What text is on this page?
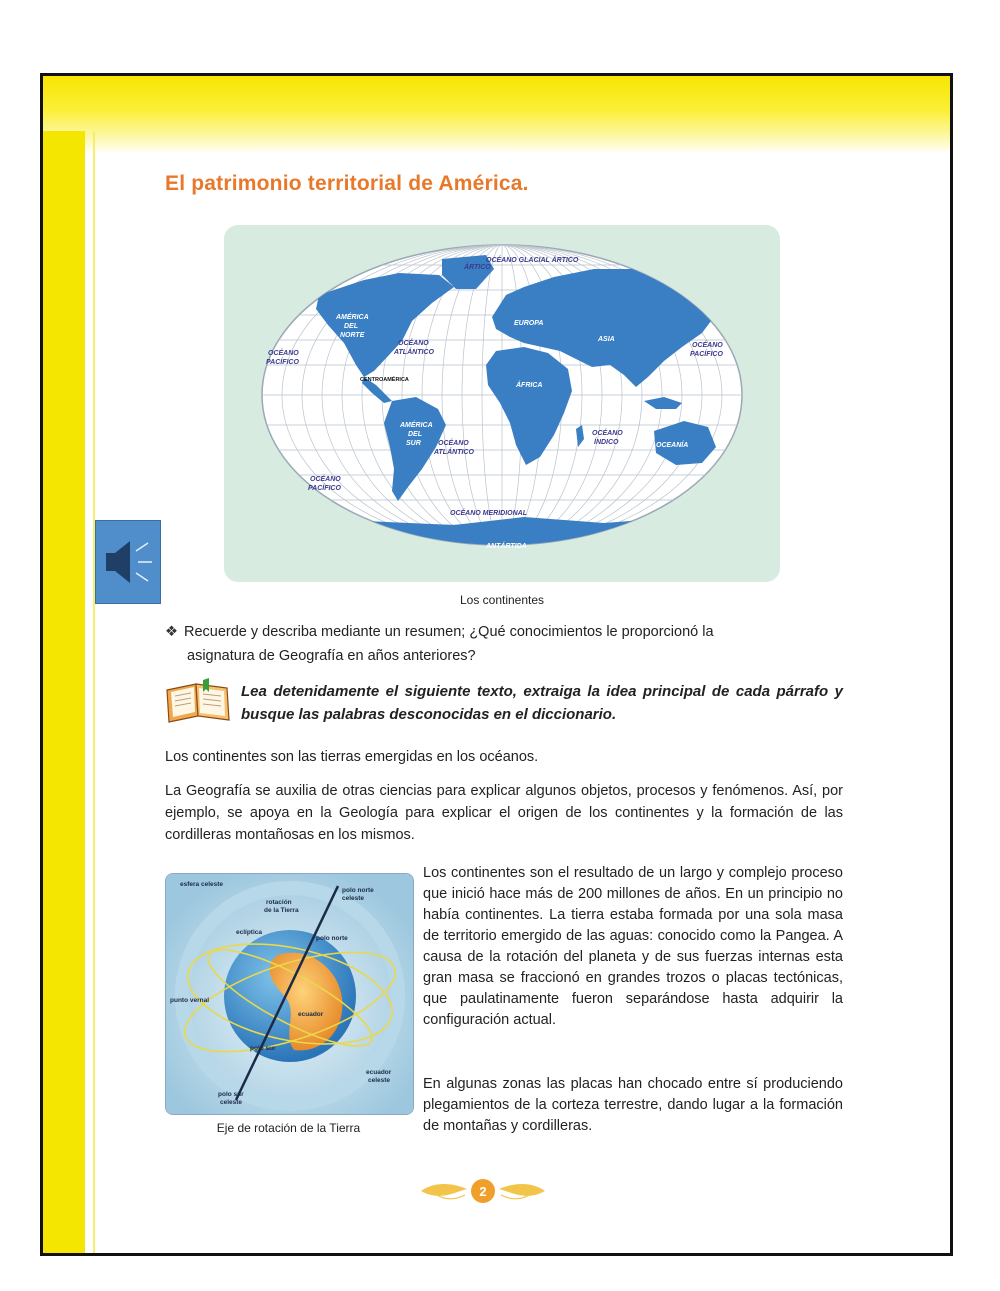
El patrimonio territorial de América.
ÁRTICO
OCÉANO GLACIAL ÁRTICO
AMÉRICA
DEL
NORTE
OCÉANO
PACÍFICO
OCÉANO
ATLÁNTICO
CENTROAMÉRICA
EUROPA
ASIA
OCÉANO
PACÍFICO
ÁFRICA
AMÉRICA
DEL
SUR OCÉANO
ATLÁNTICO
OCÉANO
ÍNDICO	OCEANÍA
OCÉANO
PACÍFICO
OCÉANO MERIDIONAL
ANTÁRTIDA
Los continentes
❖ Recuerde y describa mediante un resumen; ¿Qué conocimientos le proporcionó la
asignatura de Geografía en años anteriores?

Lea detenidamente el siguiente texto, extraiga la idea principal de cada párrafo y busque las palabras desconocidas en el diccionario.

Los continentes son las tierras emergidas en los océanos.

La Geografía se auxilia de otras ciencias para explicar algunos objetos, procesos y fenómenos. Así, por ejemplo, se apoya en la Geología para explicar el origen de los continentes y la formación de las cordilleras montañosas en los mismos.

esfera celeste
rotación
de la Tierra
polo norte
celeste
eclíptica
polo norte
punto vernal
ecuador
polo sur
ecuador
celeste
polo sur
celeste
Eje de rotación de la Tierra

Los continentes son el resultado de un largo y complejo proceso que inició hace más de 200 millones de años. En un principio no había continentes. La tierra estaba formada por una sola masa de territorio emergido de las aguas: conocido como la Pangea. A causa de la rotación del planeta y de sus fuerzas internas esta gran masa se fraccionó en grandes trozos o placas tectónicas, que paulatinamente fueron separándose hasta adquirir la configuración actual.

En algunas zonas las placas han chocado entre sí produciendo plegamientos de la corteza terrestre, dando lugar a la formación de montañas y cordilleras.

2
